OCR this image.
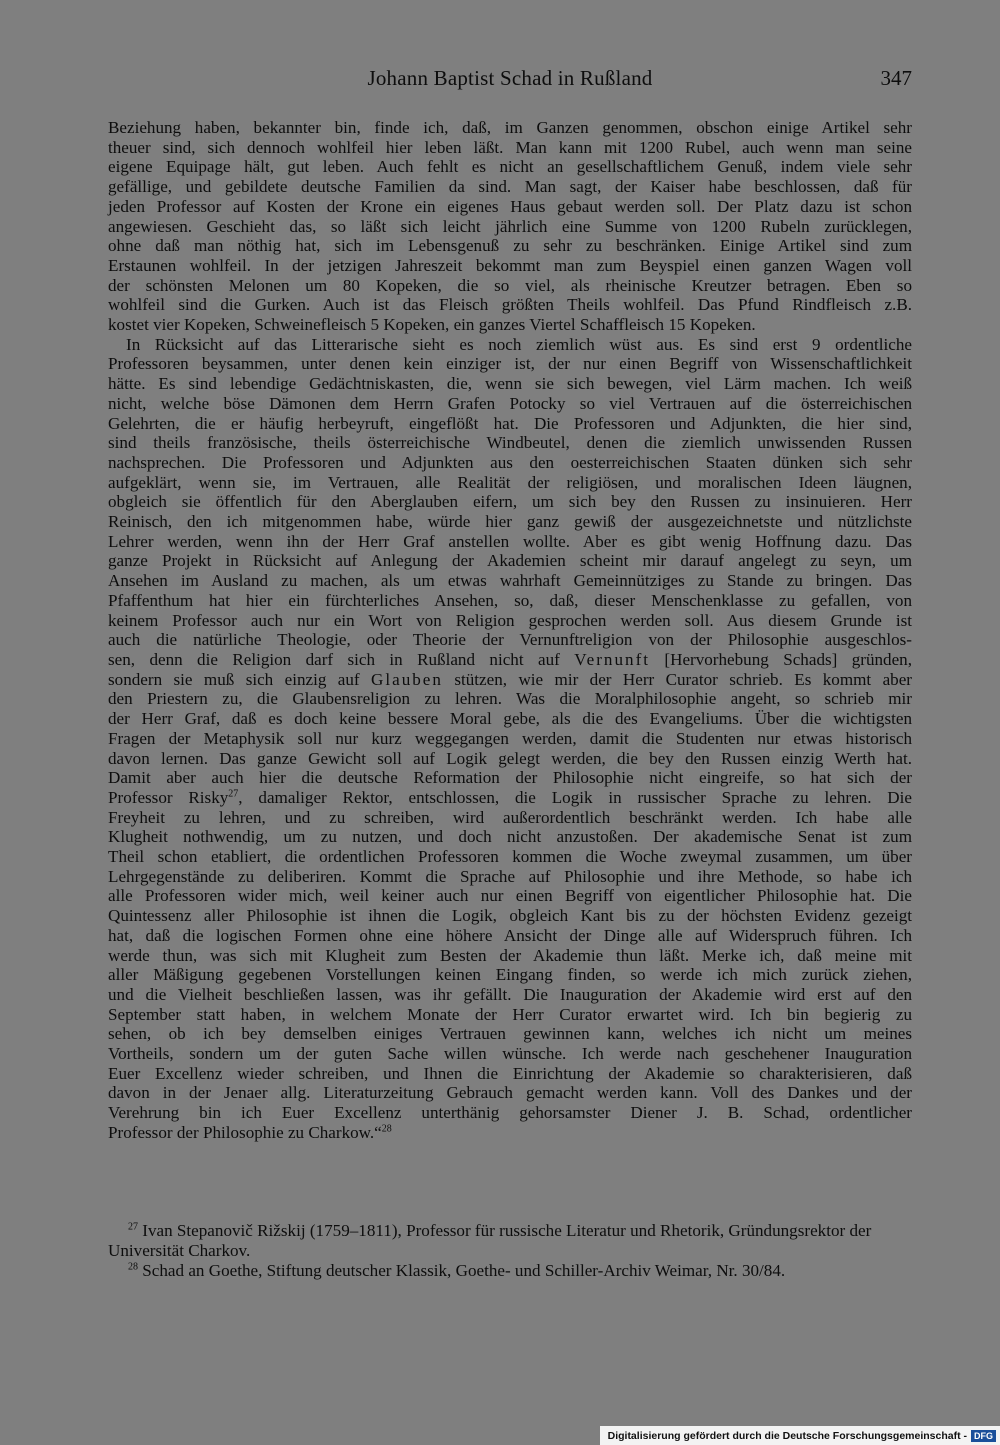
Johann Baptist Schad in Rußland	347

Beziehung haben, bekannter bin, finde ich, daß, im Ganzen genommen, obschon einige Artikel sehr
theuer sind, sich dennoch wohlfeil hier leben läßt. Man kann mit 1200 Rubel, auch wenn man seine
eigene Equipage hält, gut leben. Auch fehlt es nicht an gesellschaftlichem Genuß, indem viele sehr
gefällige, und gebildete deutsche Familien da sind. Man sagt, der Kaiser habe beschlossen, daß für
jeden Professor auf Kosten der Krone ein eigenes Haus gebaut werden soll. Der Platz dazu ist schon
angewiesen. Geschieht das, so läßt sich leicht jährlich eine Summe von 1200 Rubeln zurücklegen,
ohne daß man nöthig hat, sich im Lebensgenuß zu sehr zu beschränken. Einige Artikel sind zum
Erstaunen wohlfeil. In der jetzigen Jahreszeit bekommt man zum Beyspiel einen ganzen Wagen voll
der schönsten Melonen um 80 Kopeken, die so viel, als rheinische Kreutzer betragen. Eben so
wohlfeil sind die Gurken. Auch ist das Fleisch größten Theils wohlfeil. Das Pfund Rindfleisch z.B.
kostet vier Kopeken, Schweinefleisch 5 Kopeken, ein ganzes Viertel Schaffleisch 15 Kopeken.

In Rücksicht auf das Litterarische sieht es noch ziemlich wüst aus. Es sind erst 9 ordentliche
Professoren beysammen, unter denen kein einziger ist, der nur einen Begriff von Wissenschaftlichkeit
hätte. Es sind lebendige Gedächtniskasten, die, wenn sie sich bewegen, viel Lärm machen. Ich weiß
nicht, welche böse Dämonen dem Herrn Grafen Potocky so viel Vertrauen auf die österreichischen
Gelehrten, die er häufig herbeyruft, eingeflößt hat. Die Professoren und Adjunkten, die hier sind,
sind theils französische, theils österreichische Windbeutel, denen die ziemlich unwissenden Russen
nachsprechen. Die Professoren und Adjunkten aus den oesterreichischen Staaten dünken sich sehr
aufgeklärt, wenn sie, im Vertrauen, alle Realität der religiösen, und moralischen Ideen läugnen,
obgleich sie öffentlich für den Aberglauben eifern, um sich bey den Russen zu insinuieren. Herr
Reinisch, den ich mitgenommen habe, würde hier ganz gewiß der ausgezeichnetste und nützlichste
Lehrer werden, wenn ihn der Herr Graf anstellen wollte. Aber es gibt wenig Hoffnung dazu. Das
ganze Projekt in Rücksicht auf Anlegung der Akademien scheint mir darauf angelegt zu seyn, um
Ansehen im Ausland zu machen, als um etwas wahrhaft Gemeinnütziges zu Stande zu bringen. Das
Pfaffenthum hat hier ein fürchterliches Ansehen, so, daß, dieser Menschenklasse zu gefallen, von
keinem Professor auch nur ein Wort von Religion gesprochen werden soll. Aus diesem Grunde ist
auch die natürliche Theologie, oder Theorie der Vernunftreligion von der Philosophie ausgeschlos-
sen, denn die Religion darf sich in Rußland nicht auf Vernunft [Hervorhebung Schads] gründen,
sondern sie muß sich einzig auf Glauben stützen, wie mir der Herr Curator schrieb. Es kommt aber
den Priestern zu, die Glaubensreligion zu lehren. Was die Moralphilosophie angeht, so schrieb mir
der Herr Graf, daß es doch keine bessere Moral gebe, als die des Evangeliums. Über die wichtigsten
Fragen der Metaphysik soll nur kurz weggegangen werden, damit die Studenten nur etwas historisch
davon lernen. Das ganze Gewicht soll auf Logik gelegt werden, die bey den Russen einzig Werth hat.
Damit aber auch hier die deutsche Reformation der Philosophie nicht eingreife, so hat sich der
Professor Risky$^{27}$, damaliger Rektor, entschlossen, die Logik in russischer Sprache zu lehren. Die
Freyheit zu lehren, und zu schreiben, wird außerordentlich beschränkt werden. Ich habe alle
Klugheit nothwendig, um zu nutzen, und doch nicht anzustoßen. Der akademische Senat ist zum
Theil schon etabliert, die ordentlichen Professoren kommen die Woche zweymal zusammen, um über
Lehrgegenstände zu deliberiren. Kommt die Sprache auf Philosophie und ihre Methode, so habe ich
alle Professoren wider mich, weil keiner auch nur einen Begriff von eigentlicher Philosophie hat. Die
Quintessenz aller Philosophie ist ihnen die Logik, obgleich Kant bis zu der höchsten Evidenz gezeigt
hat, daß die logischen Formen ohne eine höhere Ansicht der Dinge alle auf Widerspruch führen. Ich
werde thun, was sich mit Klugheit zum Besten der Akademie thun läßt. Merke ich, daß meine mit
aller Mäßigung gegebenen Vorstellungen keinen Eingang finden, so werde ich mich zurück ziehen,
und die Vielheit beschließen lassen, was ihr gefällt. Die Inauguration der Akademie wird erst auf den
September statt haben, in welchem Monate der Herr Curator erwartet wird. Ich bin begierig zu
sehen, ob ich bey demselben einiges Vertrauen gewinnen kann, welches ich nicht um meines
Vortheils, sondern um der guten Sache willen wünsche. Ich werde nach geschehener Inauguration
Euer Excellenz wieder schreiben, und Ihnen die Einrichtung der Akademie so charakterisieren, daß
davon in der Jenaer allg. Literaturzeitung Gebrauch gemacht werden kann. Voll des Dankes und der
Verehrung bin ich Euer Excellenz unterthänig gehorsamster Diener J. B. Schad, ordentlicher
Professor der Philosophie zu Charkow.“$^{28}$

$^{27}$ Ivan Stepanovič Rižskij (1759–1811), Professor für russische Literatur und Rhetorik, Gründungsrektor der Universität Charkov.

$^{28}$ Schad an Goethe, Stiftung deutscher Klassik, Goethe- und Schiller-Archiv Weimar, Nr. 30/84.

Digitalisierung gefördert durch die Deutsche Forschungsgemeinschaft - DFG
